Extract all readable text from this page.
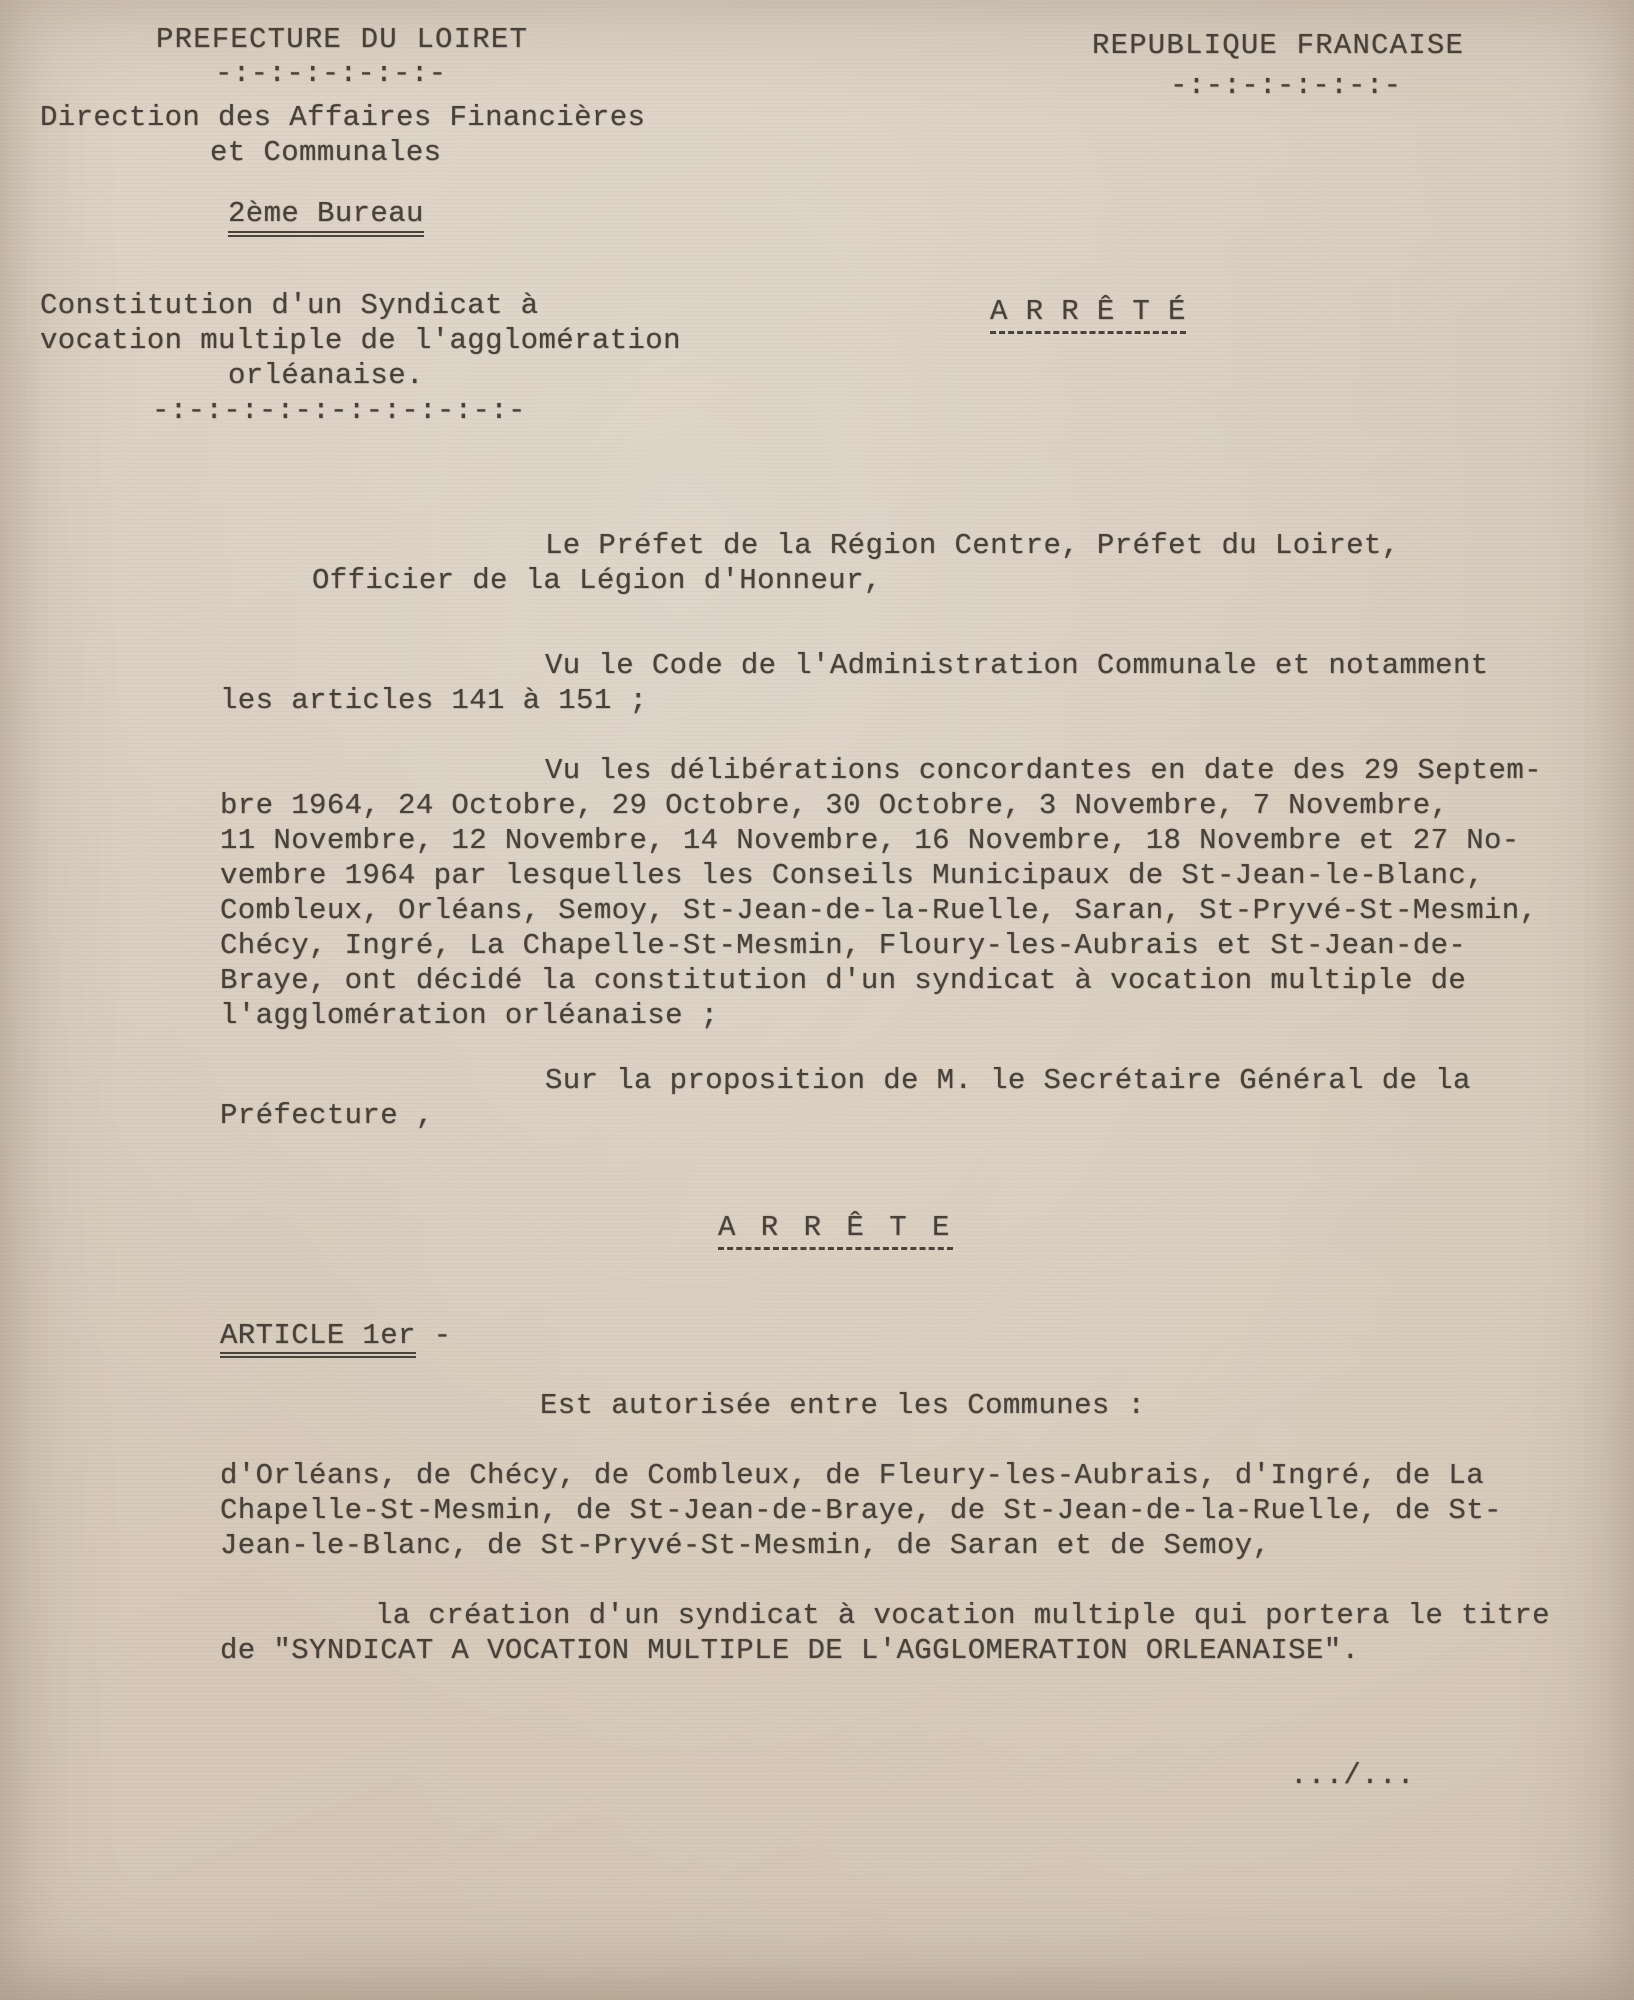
PREFECTURE DU LOIRET
-:-:-:-:-:-:-
Direction des Affaires Financières
et Communales
2ème Bureau
Constitution d'un Syndicat à
vocation multiple de l'agglomération
orléanaise.
-:-:-:-:-:-:-:-:-:-:-
REPUBLIQUE FRANCAISE
-:-:-:-:-:-:-
A R R Ê T É
Le Préfet de la Région Centre, Préfet du Loiret,
Officier de la Légion d'Honneur,
Vu le Code de l'Administration Communale et notamment
les articles 141 à 151 ;
Vu les délibérations concordantes en date des 29 Septem-
bre 1964, 24 Octobre, 29 Octobre, 30 Octobre, 3 Novembre, 7 Novembre,
11 Novembre, 12 Novembre, 14 Novembre, 16 Novembre, 18 Novembre et 27 No-
vembre 1964 par lesquelles les Conseils Municipaux de St-Jean-le-Blanc,
Combleux, Orléans, Semoy, St-Jean-de-la-Ruelle, Saran, St-Pryvé-St-Mesmin,
Chécy, Ingré, La Chapelle-St-Mesmin, Floury-les-Aubrais et St-Jean-de-
Braye, ont décidé la constitution d'un syndicat à vocation multiple de
l'agglomération orléanaise ;
Sur la proposition de M. le Secrétaire Général de la
Préfecture ,
A R R Ê T E
ARTICLE 1er -
Est autorisée entre les Communes :
d'Orléans, de Chécy, de Combleux, de Fleury-les-Aubrais, d'Ingré, de La
Chapelle-St-Mesmin, de St-Jean-de-Braye, de St-Jean-de-la-Ruelle, de St-
Jean-le-Blanc, de St-Pryvé-St-Mesmin, de Saran et de Semoy,
la création d'un syndicat à vocation multiple qui portera le titre
de "SYNDICAT A VOCATION MULTIPLE DE L'AGGLOMERATION ORLEANAISE".
.../...
